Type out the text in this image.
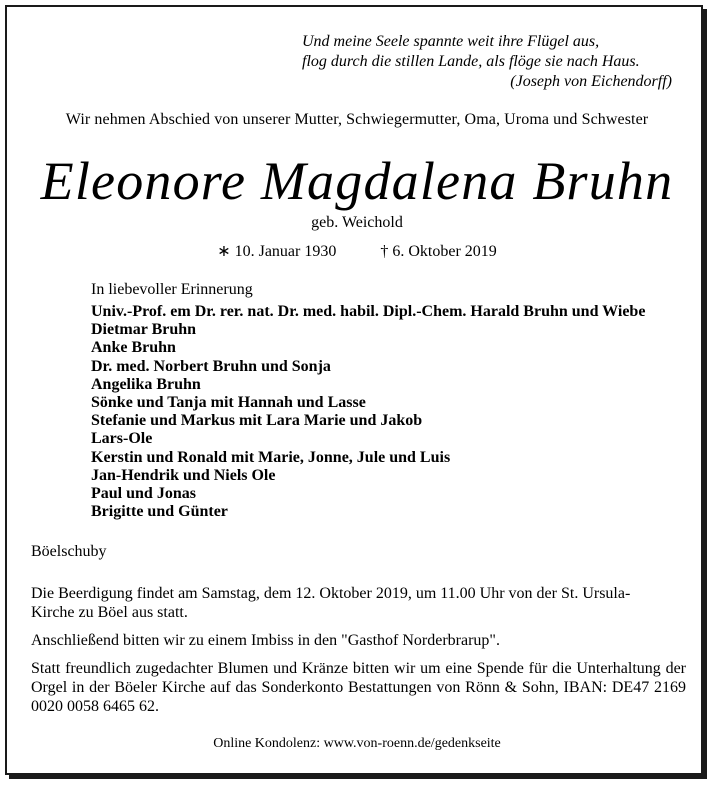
Und meine Seele spannte weit ihre Flügel aus,
flog durch die stillen Lande, als flöge sie nach Haus.
(Joseph von Eichendorff)
Wir nehmen Abschied von unserer Mutter, Schwiegermutter, Oma, Uroma und Schwester
Eleonore Magdalena Bruhn
geb. Weichold
∗ 10. Januar 1930	† 6. Oktober 2019
In liebevoller Erinnerung
Univ.-Prof. em Dr. rer. nat. Dr. med. habil. Dipl.-Chem. Harald Bruhn und Wiebe
Dietmar Bruhn
Anke Bruhn
Dr. med. Norbert Bruhn und Sonja
Angelika Bruhn
Sönke und Tanja mit Hannah und Lasse
Stefanie und Markus mit Lara Marie und Jakob
Lars-Ole
Kerstin und Ronald mit Marie, Jonne, Jule und Luis
Jan-Hendrik und Niels Ole
Paul und Jonas
Brigitte und Günter
Böelschuby
Die Beerdigung findet am Samstag, dem 12. Oktober 2019, um 11.00 Uhr von der St. Ursula-
Kirche zu Böel aus statt.
Anschließend bitten wir zu einem Imbiss in den "Gasthof Norderbrarup".
Statt freundlich zugedachter Blumen und Kränze bitten wir um eine Spende für die Unterhaltung der Orgel in der Böeler Kirche auf das Sonderkonto Bestattungen von Rönn & Sohn, IBAN: DE47 2169 0020 0058 6465 62.
Online Kondolenz: www.von-roenn.de/gedenkseite
